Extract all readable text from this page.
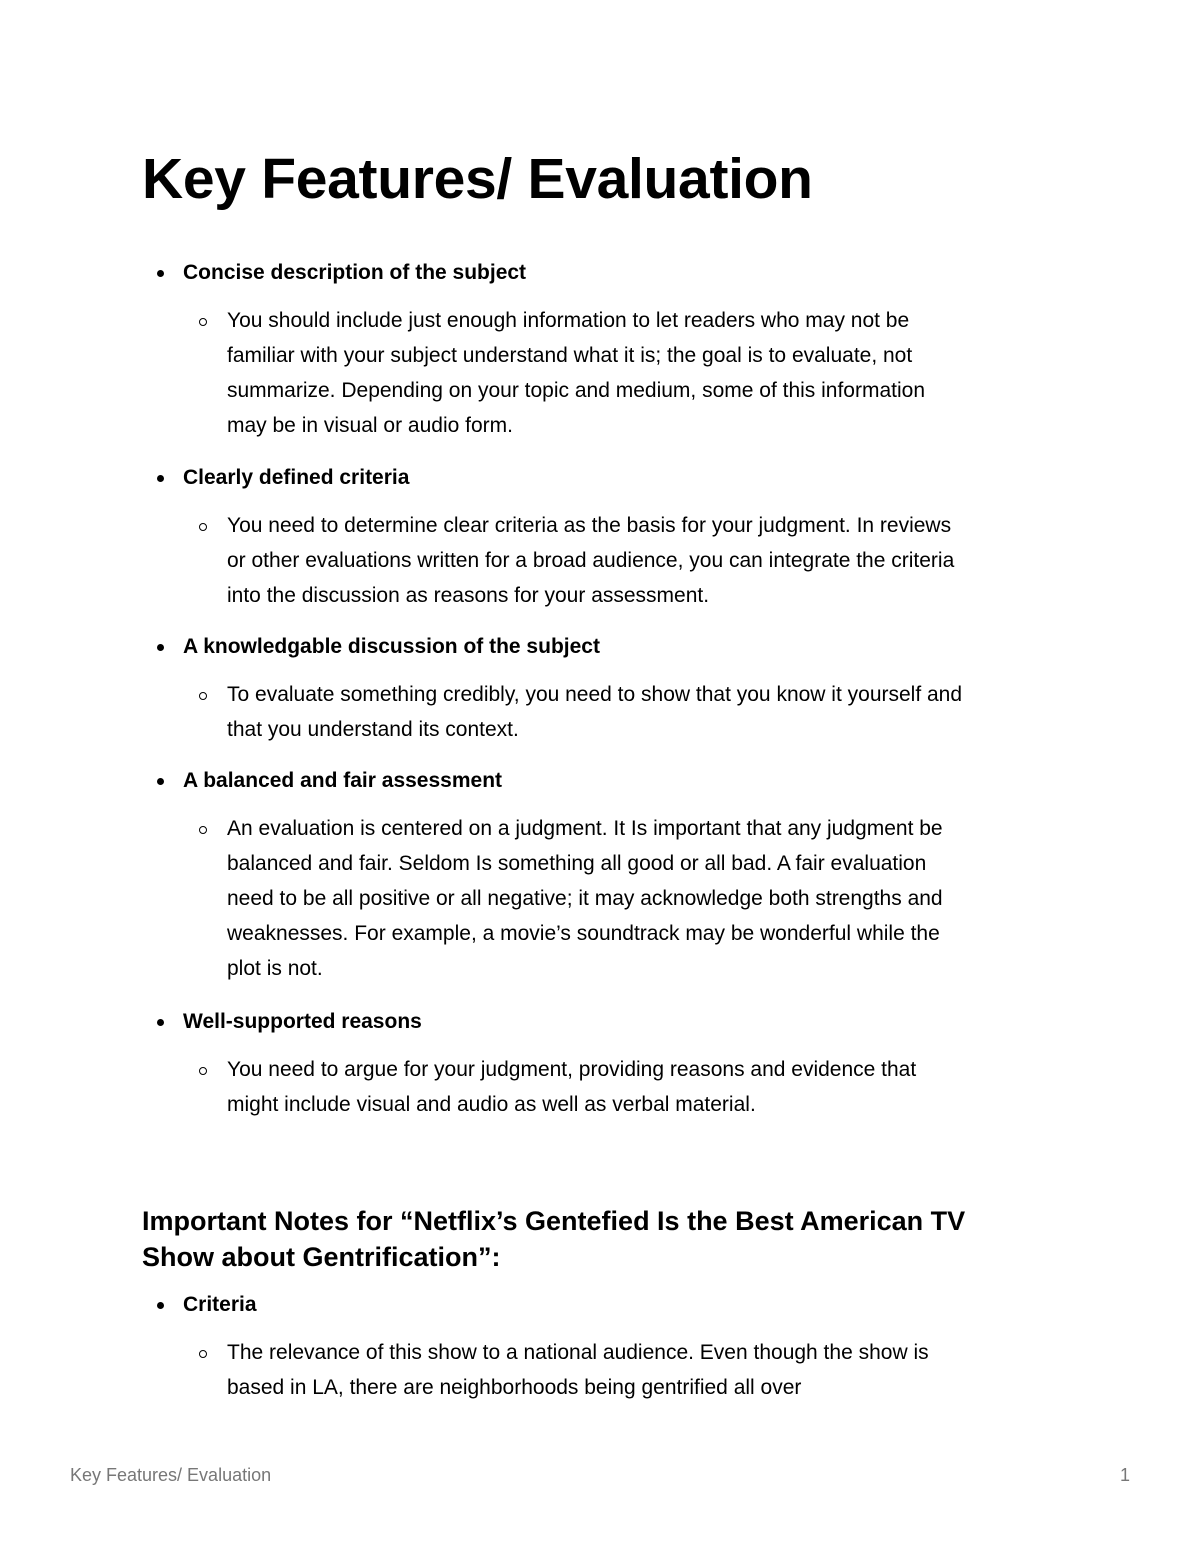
Key Features/ Evaluation
Concise description of the subject
You should include just enough information to let readers who may not be
familiar with your subject understand what it is; the goal is to evaluate, not
summarize. Depending on your topic and medium, some of this information
may be in visual or audio form.
Clearly defined criteria
You need to determine clear criteria as the basis for your judgment. In reviews
or other evaluations written for a broad audience, you can integrate the criteria
into the discussion as reasons for your assessment.
A knowledgable discussion of the subject
To evaluate something credibly, you need to show that you know it yourself and
that you understand its context.
A balanced and fair assessment
An evaluation is centered on a judgment. It Is important that any judgment be
balanced and fair. Seldom Is something all good or all bad. A fair evaluation
need to be all positive or all negative; it may acknowledge both strengths and
weaknesses. For example, a movie’s soundtrack may be wonderful while the
plot is not.
Well-supported reasons
You need to argue for your judgment, providing reasons and evidence that
might include visual and audio as well as verbal material.
Important Notes for “Netflix’s Gentefied Is the Best American TV
Show about Gentrification”:
Criteria
The relevance of this show to a national audience. Even though the show is
based in LA, there are neighborhoods being gentrified all over
Key Features/ Evaluation	1
